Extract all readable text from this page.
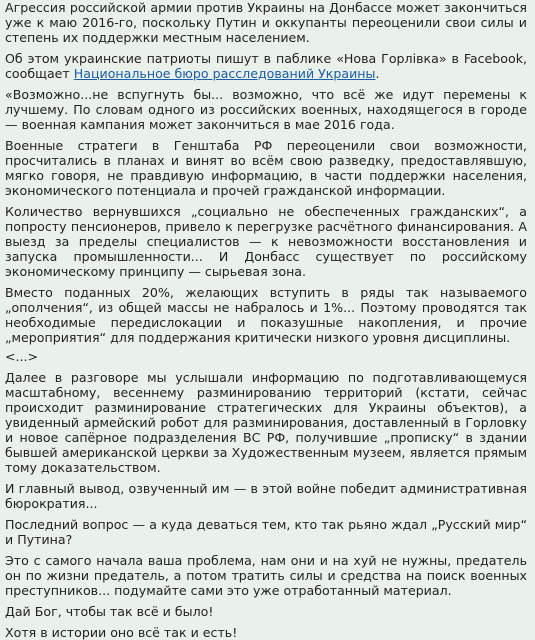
Агрессия российской армии против Украины на Донбассе может закончиться уже к маю 2016-го, поскольку Путин и оккупанты переоценили свои силы и степень их поддержки местным населением.

Об этом украинские патриоты пишут в паблике «Нова Горлівка» в Facebook, сообщает Национальное бюро расследований Украины.

«Возможно...не вспугнуть бы... возможно, что всё же идут перемены к лучшему. По словам одного из российских военных, находящегося в городе — военная кампания может закончиться в мае 2016 года.

Военные стратеги в Генштаба РФ переоценили свои возможности, просчитались в планах и винят во всём свою разведку, предоставлявшую, мягко говоря, не правдивую информацию, в части поддержки населения, экономического потенциала и прочей гражданской информации.

Количество вернувшихся „социально не обеспеченных гражданских“, а попросту пенсионеров, привело к перегрузке расчётного финансирования. А выезд за пределы специалистов — к невозможности восстановления и запуска промышленности... И Донбасс существует по российскому экономическому принципу — сырьевая зона.

Вместо поданных 20%, желающих вступить в ряды так называемого „ополчения“, из общей массы не набралось и 1%... Поэтому проводятся так необходимые передислокации и показушные накопления, и прочие „мероприятия“ для поддержания критически низкого уровня дисциплины.

<...>

Далее в разговоре мы услышали информацию по подготавливающемуся масштабному, весеннему разминированию территорий (кстати, сейчас происходит разминирование стратегических для Украины объектов), а увиденный армейский робот для разминирования, доставленный в Горловку и новое сапёрное подразделения ВС РФ, получившие „прописку“ в здании бывшей американской церкви за Художественным музеем, является прямым тому доказательством.

И главный вывод, озвученный им — в этой войне победит административная бюрократия...

Последний вопрос — а куда деваться тем, кто так рьяно ждал „Русский мир“ и Путина?

Это с самого начала ваша проблема, нам они и на хуй не нужны, предатель он по жизни предатель, а потом тратить силы и средства на поиск военных преступников... подумайте сами это уже отработанный материал.

Дай Бог, чтобы так всё и было!

Хотя в истории оно всё так и есть!
